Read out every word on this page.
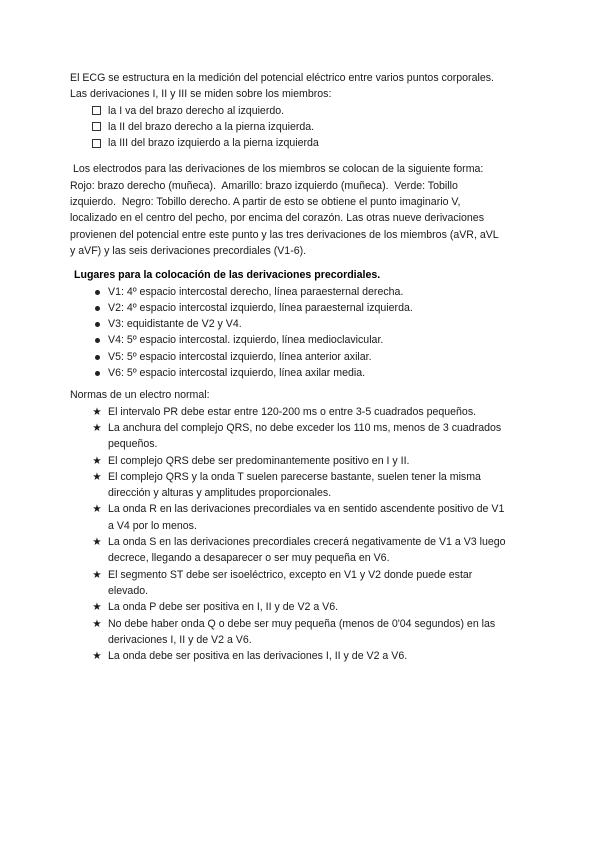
El ECG se estructura en la medición del potencial eléctrico entre varios puntos corporales.
Las derivaciones I, II y III se miden sobre los miembros:
la I va del brazo derecho al izquierdo.
la II del brazo derecho a la pierna izquierda.
la III del brazo izquierdo a la pierna izquierda
Los electrodos para las derivaciones de los miembros se colocan de la siguiente forma:
Rojo: brazo derecho (muñeca).  Amarillo: brazo izquierdo (muñeca).  Verde: Tobillo
izquierdo.  Negro: Tobillo derecho. A partir de esto se obtiene el punto imaginario V,
localizado en el centro del pecho, por encima del corazón. Las otras nueve derivaciones
provienen del potencial entre este punto y las tres derivaciones de los miembros (aVR, aVL
y aVF) y las seis derivaciones precordiales (V1-6).
Lugares para la colocación de las derivaciones precordiales.
V1: 4º espacio intercostal derecho, línea paraesternal derecha.
V2: 4º espacio intercostal izquierdo, línea paraesternal izquierda.
V3: equidistante de V2 y V4.
V4: 5º espacio intercostal. izquierdo, línea medioclavicular.
V5: 5º espacio intercostal izquierdo, línea anterior axilar.
V6: 5º espacio intercostal izquierdo, línea axilar media.
Normas de un electro normal:
★ El intervalo PR debe estar entre 120-200 ms o entre 3-5 cuadrados pequeños.
★ La anchura del complejo QRS, no debe exceder los 110 ms, menos de 3 cuadrados
pequeños.
★ El complejo QRS debe ser predominantemente positivo en I y II.
★ El complejo QRS y la onda T suelen parecerse bastante, suelen tener la misma
dirección y alturas y amplitudes proporcionales.
★ La onda R en las derivaciones precordiales va en sentido ascendente positivo de V1
a V4 por lo menos.
★ La onda S en las derivaciones precordiales crecerá negativamente de V1 a V3 luego
decrece, llegando a desaparecer o ser muy pequeña en V6.
★ El segmento ST debe ser isoeléctrico, excepto en V1 y V2 donde puede estar
elevado.
★ La onda P debe ser positiva en I, II y de V2 a V6.
★ No debe haber onda Q o debe ser muy pequeña (menos de 0'04 segundos) en las
derivaciones I, II y de V2 a V6.
★ La onda debe ser positiva en las derivaciones I, II y de V2 a V6.
